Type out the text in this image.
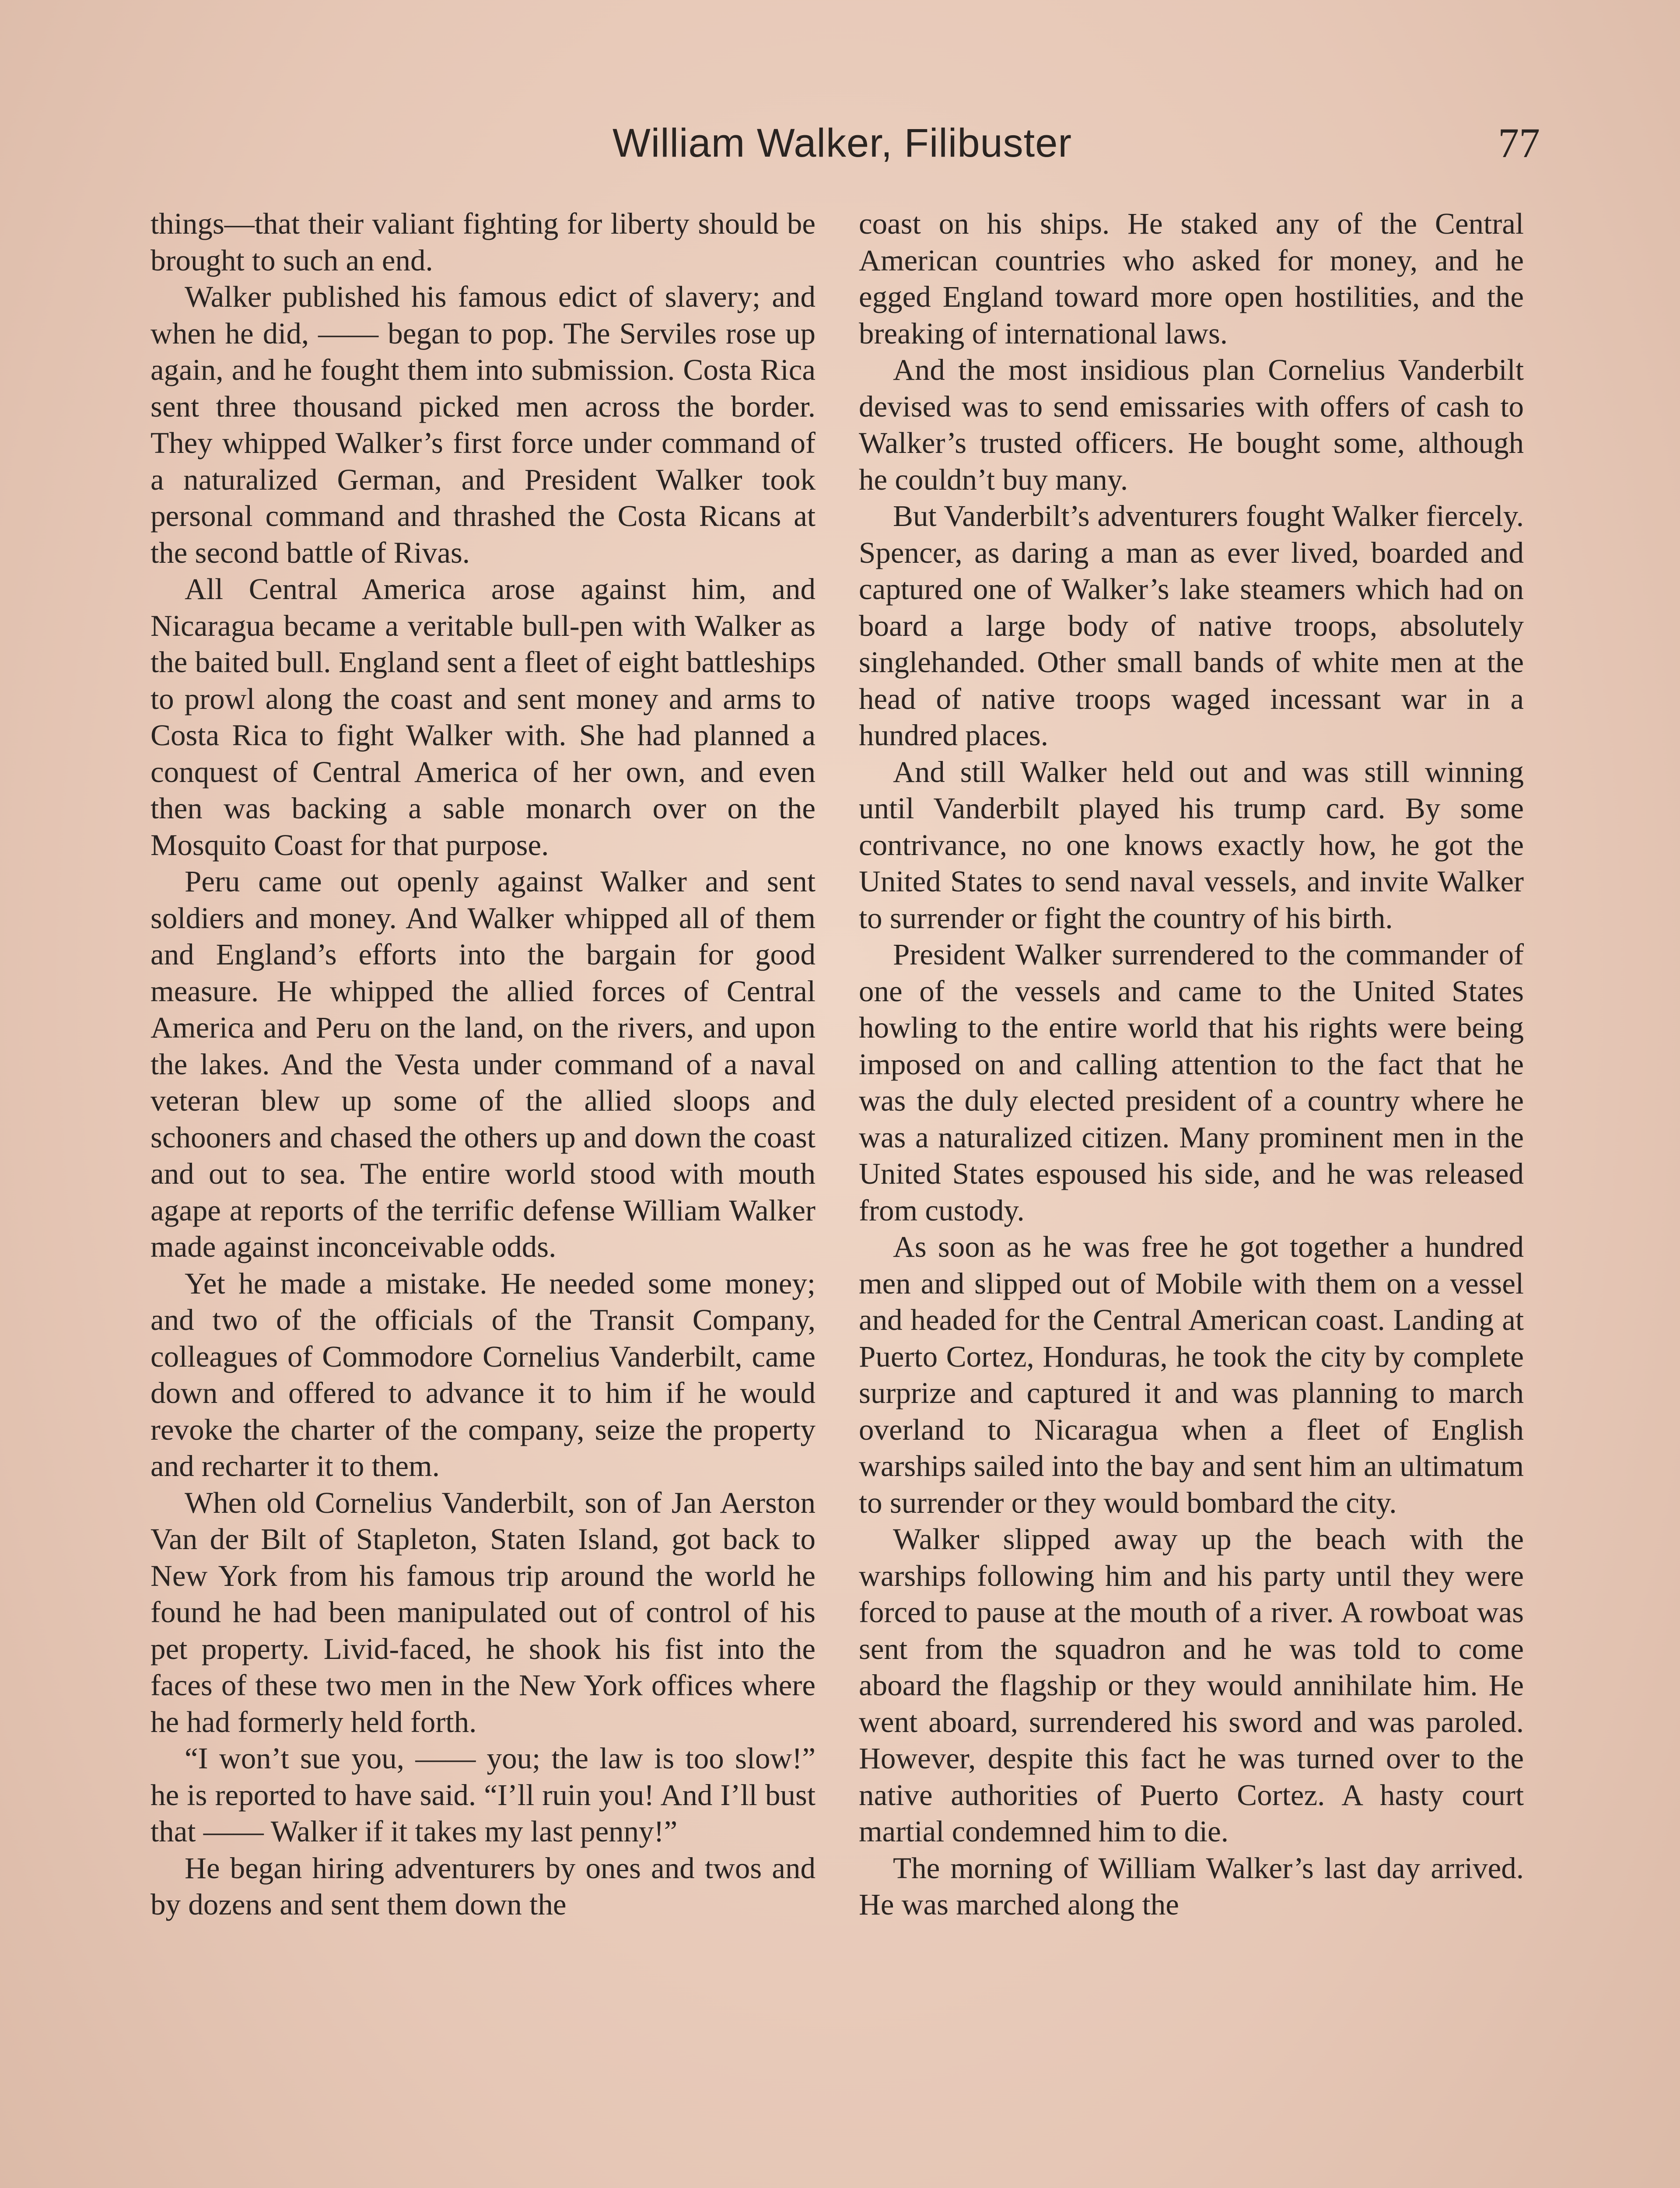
William Walker, Filibuster	77

things—that their valiant fighting for liberty should be brought to such an end.

Walker published his famous edict of slavery; and when he did, —— began to pop. The Serviles rose up again, and he fought them into submission. Costa Rica sent three thousand picked men across the border. They whipped Walker’s first force under command of a naturalized German, and President Walker took personal command and thrashed the Costa Ricans at the second battle of Rivas.

All Central America arose against him, and Nicaragua became a veritable bull-pen with Walker as the baited bull. England sent a fleet of eight battleships to prowl along the coast and sent money and arms to Costa Rica to fight Walker with. She had planned a conquest of Central America of her own, and even then was backing a sable monarch over on the Mosquito Coast for that purpose.

Peru came out openly against Walker and sent soldiers and money. And Walker whipped all of them and England’s efforts into the bargain for good measure. He whipped the allied forces of Central America and Peru on the land, on the rivers, and upon the lakes. And the Vesta under command of a naval veteran blew up some of the allied sloops and schooners and chased the others up and down the coast and out to sea. The entire world stood with mouth agape at reports of the terrific defense William Walker made against inconceivable odds.

Yet he made a mistake. He needed some money; and two of the officials of the Transit Company, colleagues of Commodore Cornelius Vanderbilt, came down and offered to advance it to him if he would revoke the charter of the company, seize the property and recharter it to them.

When old Cornelius Vanderbilt, son of Jan Aerston Van der Bilt of Stapleton, Staten Island, got back to New York from his famous trip around the world he found he had been manipulated out of control of his pet property. Livid-faced, he shook his fist into the faces of these two men in the New York offices where he had formerly held forth.

“I won’t sue you, —— you; the law is too slow!” he is reported to have said. “I’ll ruin you! And I’ll bust that —— Walker if it takes my last penny!”

He began hiring adventurers by ones and twos and by dozens and sent them down the

coast on his ships. He staked any of the Central American countries who asked for money, and he egged England toward more open hostilities, and the breaking of international laws.

And the most insidious plan Cornelius Vanderbilt devised was to send emissaries with offers of cash to Walker’s trusted officers. He bought some, although he couldn’t buy many.

But Vanderbilt’s adventurers fought Walker fiercely. Spencer, as daring a man as ever lived, boarded and captured one of Walker’s lake steamers which had on board a large body of native troops, absolutely singlehanded. Other small bands of white men at the head of native troops waged incessant war in a hundred places.

And still Walker held out and was still winning until Vanderbilt played his trump card. By some contrivance, no one knows exactly how, he got the United States to send naval vessels, and invite Walker to surrender or fight the country of his birth.

President Walker surrendered to the commander of one of the vessels and came to the United States howling to the entire world that his rights were being imposed on and calling attention to the fact that he was the duly elected president of a country where he was a naturalized citizen. Many prominent men in the United States espoused his side, and he was released from custody.

As soon as he was free he got together a hundred men and slipped out of Mobile with them on a vessel and headed for the Central American coast. Landing at Puerto Cortez, Honduras, he took the city by complete surprize and captured it and was planning to march overland to Nicaragua when a fleet of English warships sailed into the bay and sent him an ultimatum to surrender or they would bombard the city.

Walker slipped away up the beach with the warships following him and his party until they were forced to pause at the mouth of a river. A rowboat was sent from the squadron and he was told to come aboard the flagship or they would annihilate him. He went aboard, surrendered his sword and was paroled. However, despite this fact he was turned over to the native authorities of Puerto Cortez. A hasty court martial condemned him to die.

The morning of William Walker’s last day arrived. He was marched along the
